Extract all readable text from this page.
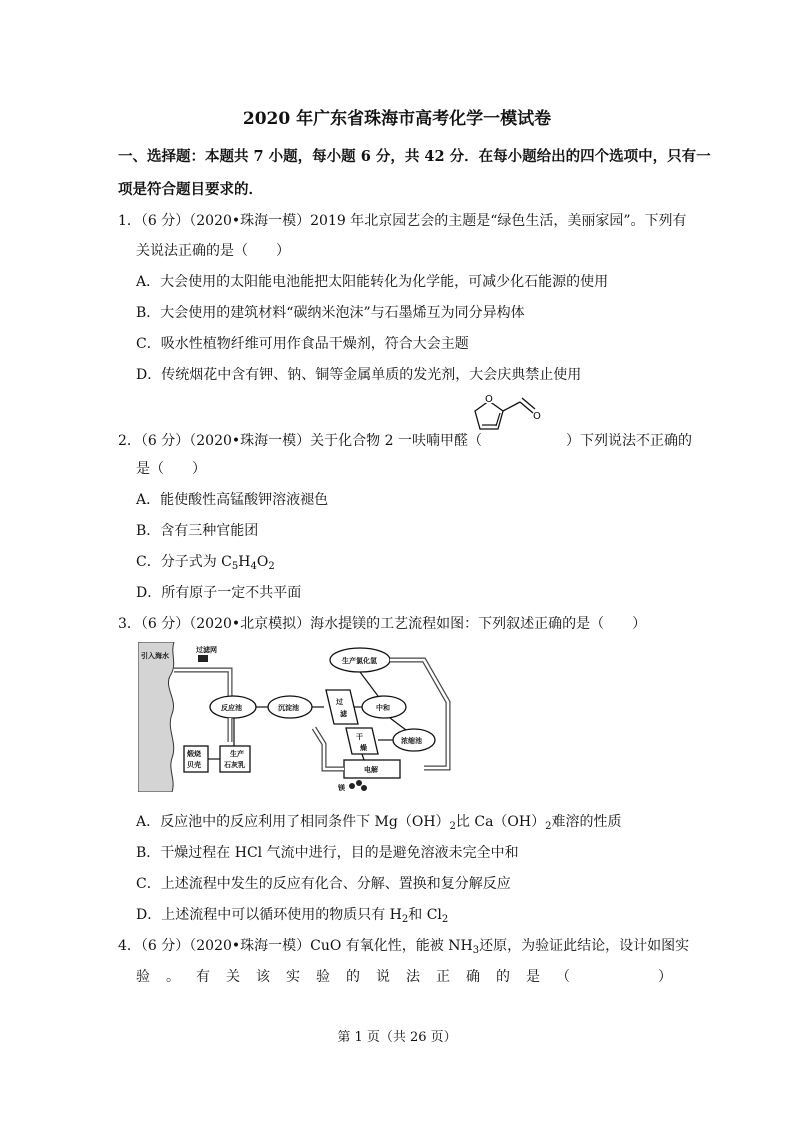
2020 年广东省珠海市高考化学一模试卷
一、选择题：本题共 7 小题，每小题 6 分，共 42 分．在每小题给出的四个选项中，只有一
项是符合题目要求的．
1．（6 分）（2020•珠海一模）2019 年北京园艺会的主题是“绿色生活，美丽家园”。下列有
关说法正确的是（　　）
A．大会使用的太阳能电池能把太阳能转化为化学能，可减少化石能源的使用
B．大会使用的建筑材料“碳纳米泡沫”与石墨烯互为同分异构体
C．吸水性植物纤维可用作食品干燥剂，符合大会主题
D．传统烟花中含有钾、钠、铜等金属单质的发光剂，大会庆典禁止使用
2．（6 分）（2020•珠海一模）关于化合物 2 一呋喃甲醛（	）下列说法不正确的
O
O
是（　　）
A．能使酸性高锰酸钾溶液褪色
B．含有三种官能团
C．分子式为 $C_5H_4O_2$
D．所有原子一定不共平面
3．（6 分）（2020•北京模拟）海水提镁的工艺流程如图：下列叙述正确的是（　　）
引入海水
过滤网
反应池	沉淀池
过
滤
中和
生产氯化氢
浓缩池
干
燥
电解
镁
煅烧
贝壳
生产
石灰乳
A．反应池中的反应利用了相同条件下 $Mg(OH)_2$比 $Ca(OH)_2$难溶的性质
B．干燥过程在 HCl 气流中进行，目的是避免溶液未完全中和
C．上述流程中发生的反应有化合、分解、置换和复分解反应
D．上述流程中可以循环使用的物质只有 $H_2$和 $Cl_2$
4．（6 分）（2020•珠海一模）CuO 有氧化性，能被 $NH_3$还原，为验证此结论，设计如图实
验 。 有 关 该 实 验 的 说 法 正 确 的 是 （
　　　　	）
第 1 页（共 26 页）
